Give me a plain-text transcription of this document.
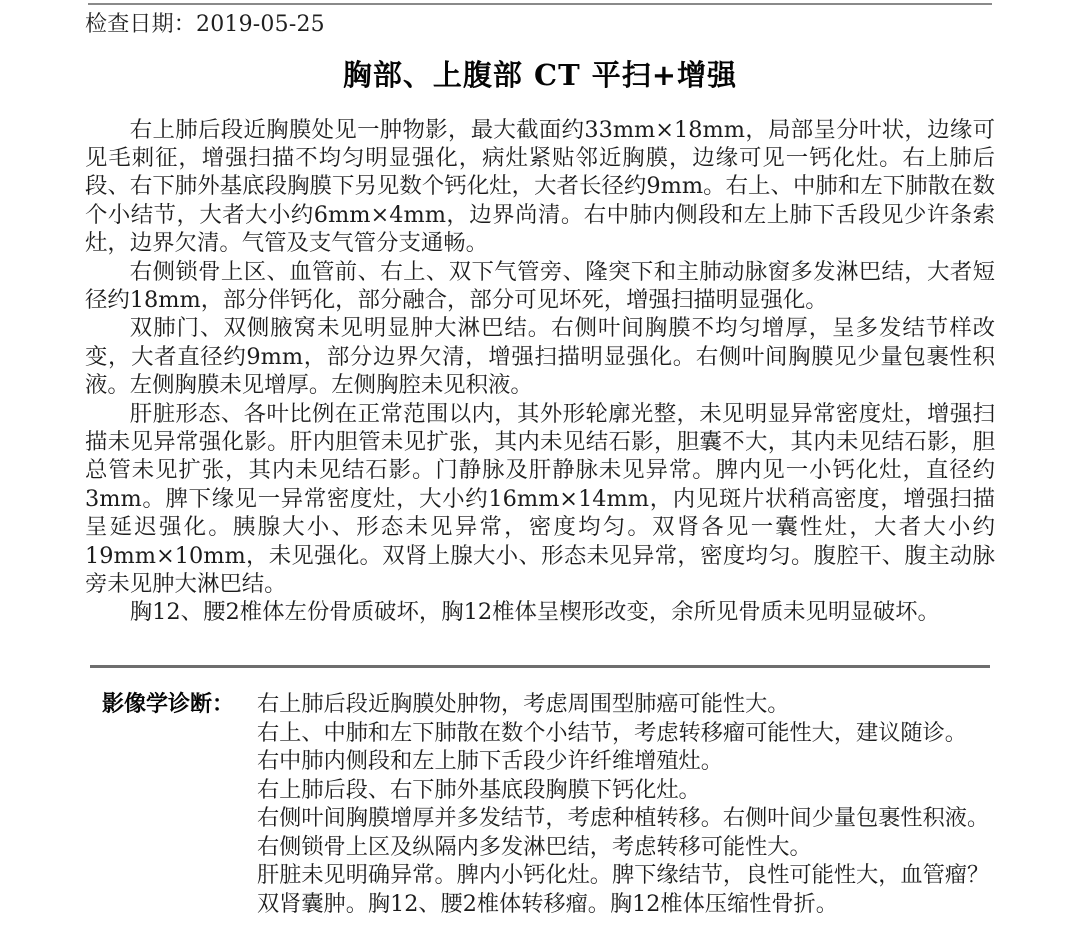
检查日期：2019-05-25
胸部、上腹部 CT 平扫+增强

右上肺后段近胸膜处见一肿物影，最大截面约33mm×18mm，局部呈分叶状，边缘可见毛刺征，增强扫描不均匀明显强化，病灶紧贴邻近胸膜，边缘可见一钙化灶。右上肺后段、右下肺外基底段胸膜下另见数个钙化灶，大者长径约9mm。右上、中肺和左下肺散在数个小结节，大者大小约6mm×4mm，边界尚清。右中肺内侧段和左上肺下舌段见少许条索灶，边界欠清。气管及支气管分支通畅。

右侧锁骨上区、血管前、右上、双下气管旁、隆突下和主肺动脉窗多发淋巴结，大者短径约18mm，部分伴钙化，部分融合，部分可见坏死，增强扫描明显强化。

双肺门、双侧腋窝未见明显肿大淋巴结。右侧叶间胸膜不均匀增厚，呈多发结节样改变，大者直径约9mm，部分边界欠清，增强扫描明显强化。右侧叶间胸膜见少量包裹性积液。左侧胸膜未见增厚。左侧胸腔未见积液。

肝脏形态、各叶比例在正常范围以内，其外形轮廓光整，未见明显异常密度灶，增强扫描未见异常强化影。肝内胆管未见扩张，其内未见结石影，胆囊不大，其内未见结石影，胆总管未见扩张，其内未见结石影。门静脉及肝静脉未见异常。脾内见一小钙化灶，直径约3mm。脾下缘见一异常密度灶，大小约16mm×14mm，内见斑片状稍高密度，增强扫描呈延迟强化。胰腺大小、形态未见异常，密度均匀。双肾各见一囊性灶，大者大小约19mm×10mm，未见强化。双肾上腺大小、形态未见异常，密度均匀。腹腔干、腹主动脉旁未见肿大淋巴结。

胸12、腰2椎体左份骨质破坏，胸12椎体呈楔形改变，余所见骨质未见明显破坏。

影像学诊断：	右上肺后段近胸膜处肿物，考虑周围型肺癌可能性大。
右上、中肺和左下肺散在数个小结节，考虑转移瘤可能性大，建议随诊。
右中肺内侧段和左上肺下舌段少许纤维增殖灶。
右上肺后段、右下肺外基底段胸膜下钙化灶。
右侧叶间胸膜增厚并多发结节，考虑种植转移。右侧叶间少量包裹性积液。
右侧锁骨上区及纵隔内多发淋巴结，考虑转移可能性大。
肝脏未见明确异常。脾内小钙化灶。脾下缘结节，良性可能性大，血管瘤？
双肾囊肿。胸12、腰2椎体转移瘤。胸12椎体压缩性骨折。
